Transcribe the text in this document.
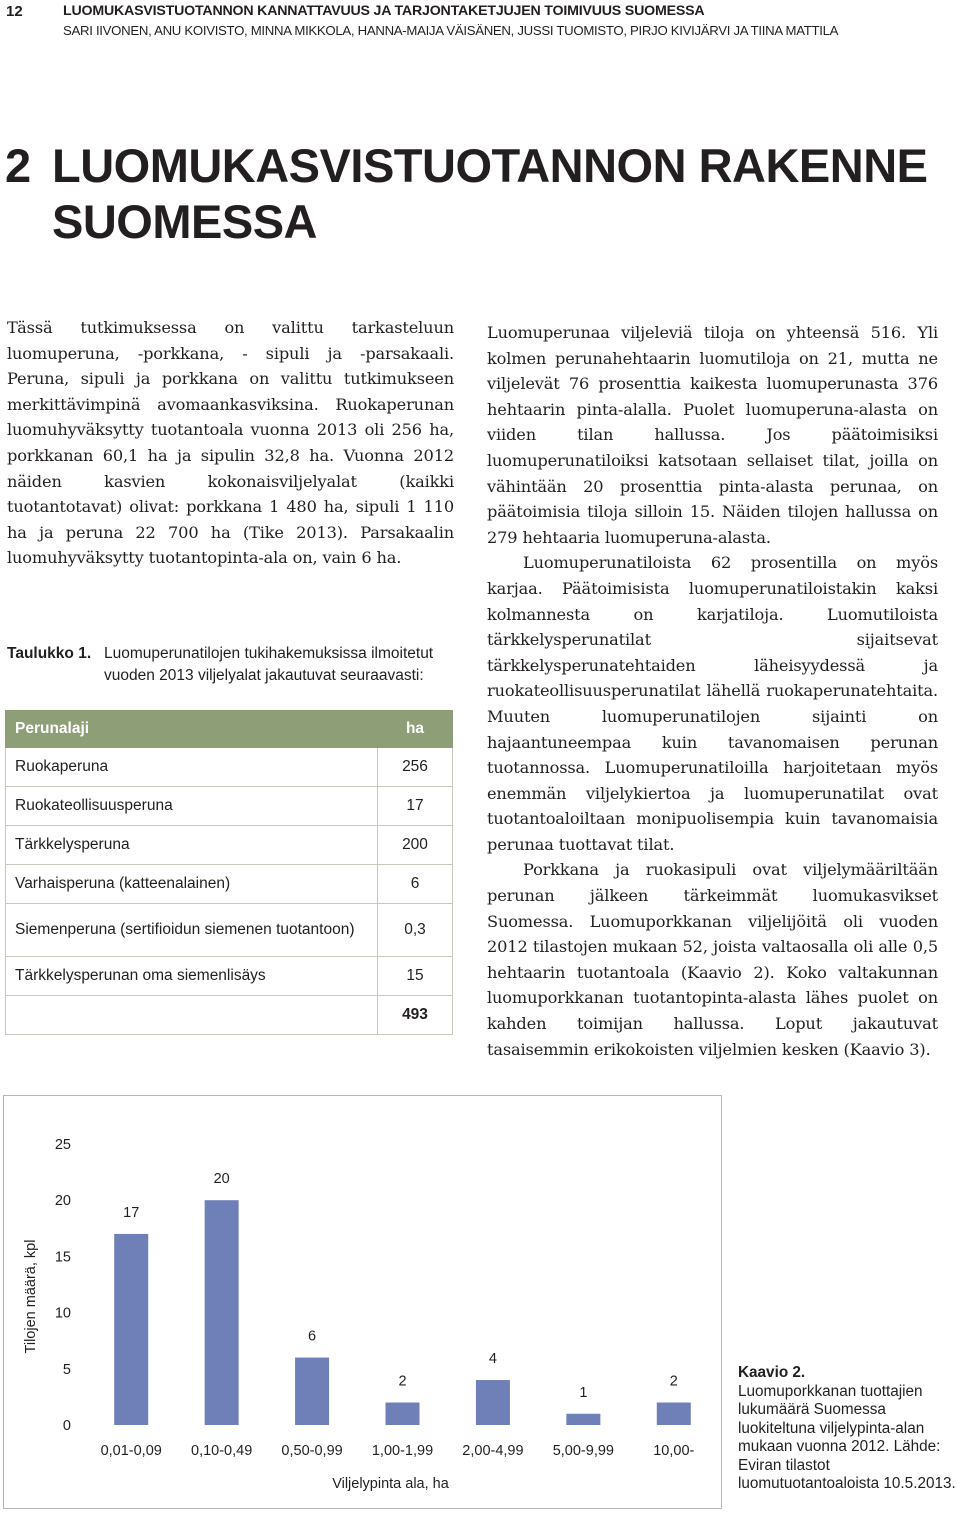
12	LUOMUKASVISTUOTANNON KANNATTAVUUS JA TARJONTAKETJUJEN TOIMIVUUS SUOMESSA
SARI IIVONEN, ANU KOIVISTO, MINNA MIKKOLA, HANNA-MAIJA VÄISÄNEN, JUSSI TUOMISTO, PIRJO KIVIJÄRVI JA TIINA MATTILA
2 LUOMUKASVISTUOTANNON RAKENNE
SUOMESSA
Tässä tutkimuksessa on valittu tarkasteluun luomuperuna, -porkkana, - sipuli ja -parsakaali. Peruna, sipuli ja porkkana on valittu tutkimukseen merkittävimpinä avomaankasviksina. Ruokaperunan luomuhyväksytty tuotantoala vuonna 2013 oli 256 ha, porkkanan 60,1 ha ja sipulin 32,8 ha. Vuonna 2012 näiden kasvien kokonaisviljelyalat (kaikki tuotantotavat) olivat: porkkana 1 480 ha, sipuli 1 110 ha ja peruna 22 700 ha (Tike 2013). Parsakaalin luomuhyväksytty tuotantopinta-ala on, vain 6 ha.
Taulukko 1. Luomuperunatilojen tukihakemuksissa ilmoitetut vuoden 2013 viljelyalat jakautuvat seuraavasti:
Perunalaji	ha
Ruokaperuna	256
Ruokateollisuusperuna	17
Tärkkelysperuna	200
Varhaisperuna (katteenalainen)	6
Siemenperuna (sertifioidun siemenen tuotantoon)	0,3
Tärkkelysperunan oma siemenlisäys	15
	493

Luomuperunaa viljeleviä tiloja on yhteensä 516. Yli kolmen perunahehtaarin luomutiloja on 21, mutta ne viljelevät 76 prosenttia kaikesta luomuperunasta 376 hehtaarin pinta-alalla. Puolet luomuperuna-alasta on viiden tilan hallussa. Jos päätoimisiksi luomuperunatiloiksi katsotaan sellaiset tilat, joilla on vähintään 20 prosenttia pinta-alasta perunaa, on päätoimisia tiloja silloin 15. Näiden tilojen hallussa on 279 hehtaaria luomuperuna-alasta.

Luomuperunatiloista 62 prosentilla on myös karjaa. Päätoimisista luomuperunatiloistakin kaksi kolmannesta on karjatiloja. Luomutiloista tärkkelysperunatilat sijaitsevat tärkkelysperunatehtaiden läheisyydessä ja ruokateollisuusperunatilat lähellä ruokaperunatehtaita. Muuten luomuperunatilojen sijainti on hajaantuneempaa kuin tavanomaisen perunan tuotannossa. Luomuperunatiloilla harjoitetaan myös enemmän viljelykiertoa ja luomuperunatilat ovat tuotantoaloiltaan monipuolisempia kuin tavanomaisia perunaa tuottavat tilat.

Porkkana ja ruokasipuli ovat viljelymääriltään perunan jälkeen tärkeimmät luomukasvikset Suomessa. Luomuporkkanan viljelijöitä oli vuoden 2012 tilastojen mukaan 52, joista valtaosalla oli alle 0,5 hehtaarin tuotantoala (Kaavio 2). Koko valtakunnan luomuporkkanan tuotantopinta-alasta lähes puolet on kahden toimijan hallussa. Loput jakautuvat tasaisemmin erikokoisten viljelmien kesken (Kaavio 3).

0
5
10
15
20
25
17
0,01-0,09
20
0,10-0,49
6
0,50-0,99
2
1,00-1,99
4
2,00-4,99
1
5,00-9,99
2
10,00-
Viljelypinta ala, ha
Tilojen määrä, kpl
Kaavio 2.
Luomuporkkanan tuottajien lukumäärä Suomessa luokiteltuna viljelypinta-alan mukaan vuonna 2012. Lähde: Eviran tilastot luomutuotantoaloista 10.5.2013.
